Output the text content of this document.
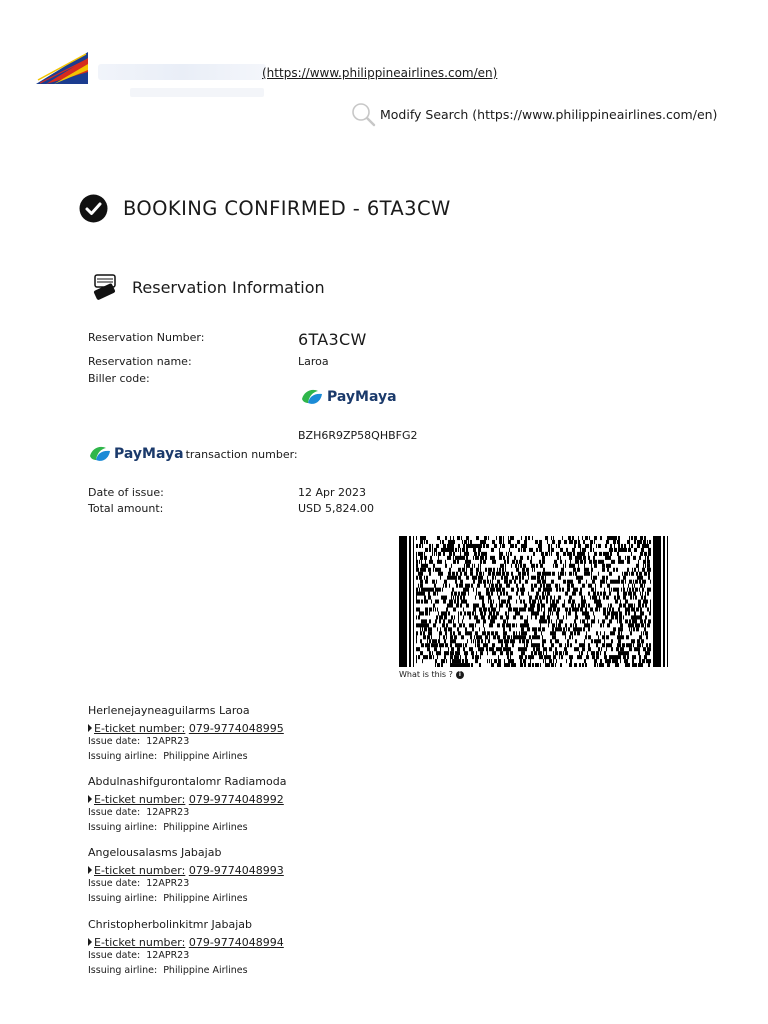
(https://www.philippineairlines.com/en)
Modify Search (https://www.philippineairlines.com/en)
BOOKING CONFIRMED - 6TA3CW
Reservation Information
Reservation Number:	6TA3CW
Reservation name:	Laroa
Biller code:
PayMaya
BZH6R9ZP58QHBFG2
PayMaya transaction number:
Date of issue:	12 Apr 2023
Total amount:	USD 5,824.00
What is this ? i
Herlenejayneaguilarms Laroa
E-ticket number:
079-9774048995
Issue date: 12APR23
Issuing airline: Philippine Airlines
Abdulnashifgurontalomr Radiamoda
E-ticket number:
079-9774048992
Issue date: 12APR23
Issuing airline: Philippine Airlines
Angelousalasms Jabajab
E-ticket number:
079-9774048993
Issue date: 12APR23
Issuing airline: Philippine Airlines
Christopherbolinkitmr Jabajab
E-ticket number:
079-9774048994
Issue date: 12APR23
Issuing airline: Philippine Airlines
